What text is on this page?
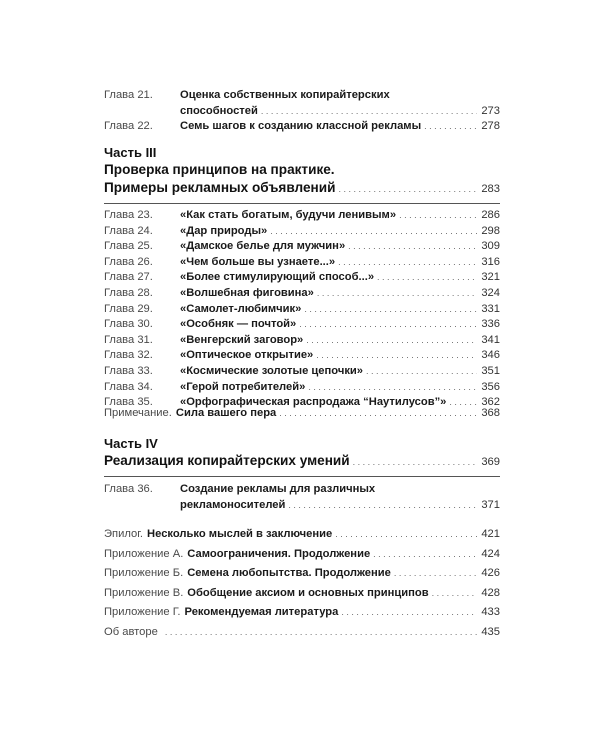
Глава 21. Оценка собственных копирайтерских
способностей . . .	273
Глава 22. Семь шагов к созданию классной рекламы . . .	278
Часть III
Проверка принципов на практике.
Примеры рекламных объявлений . . .	283
Глава 23. «Как стать богатым, будучи ленивым» . . .	286
Глава 24. «Дар природы» . . .	298
Глава 25. «Дамское белье для мужчин» . . .	309
Глава 26. «Чем больше вы узнаете...» . . .	316
Глава 27. «Более стимулирующий способ...» . . .	321
Глава 28. «Волшебная фиговина» . . .	324
Глава 29. «Самолет-любимчик» . . .	331
Глава 30. «Особняк — почтой» . . .	336
Глава 31. «Венгерский заговор» . . .	341
Глава 32. «Оптическое открытие» . . .	346
Глава 33. «Космические золотые цепочки» . . .	351
Глава 34. «Герой потребителей» . . .	356
Глава 35. «Орфографическая распродажа “Наутилусов”» . . .	362
Примечание. Сила вашего пера . . .	368
Часть IV
Реализация копирайтерских умений . . .	369
Глава 36. Создание рекламы для различных
рекламоносителей . . .	371
Эпилог. Несколько мыслей в заключение . . .	421
Приложение А. Самоограничения. Продолжение . . .	424
Приложение Б. Семена любопытства. Продолжение . . .	426
Приложение В. Обобщение аксиом и основных принципов . . .	428
Приложение Г. Рекомендуемая литература . . .	433
Об авторе . . .	435
